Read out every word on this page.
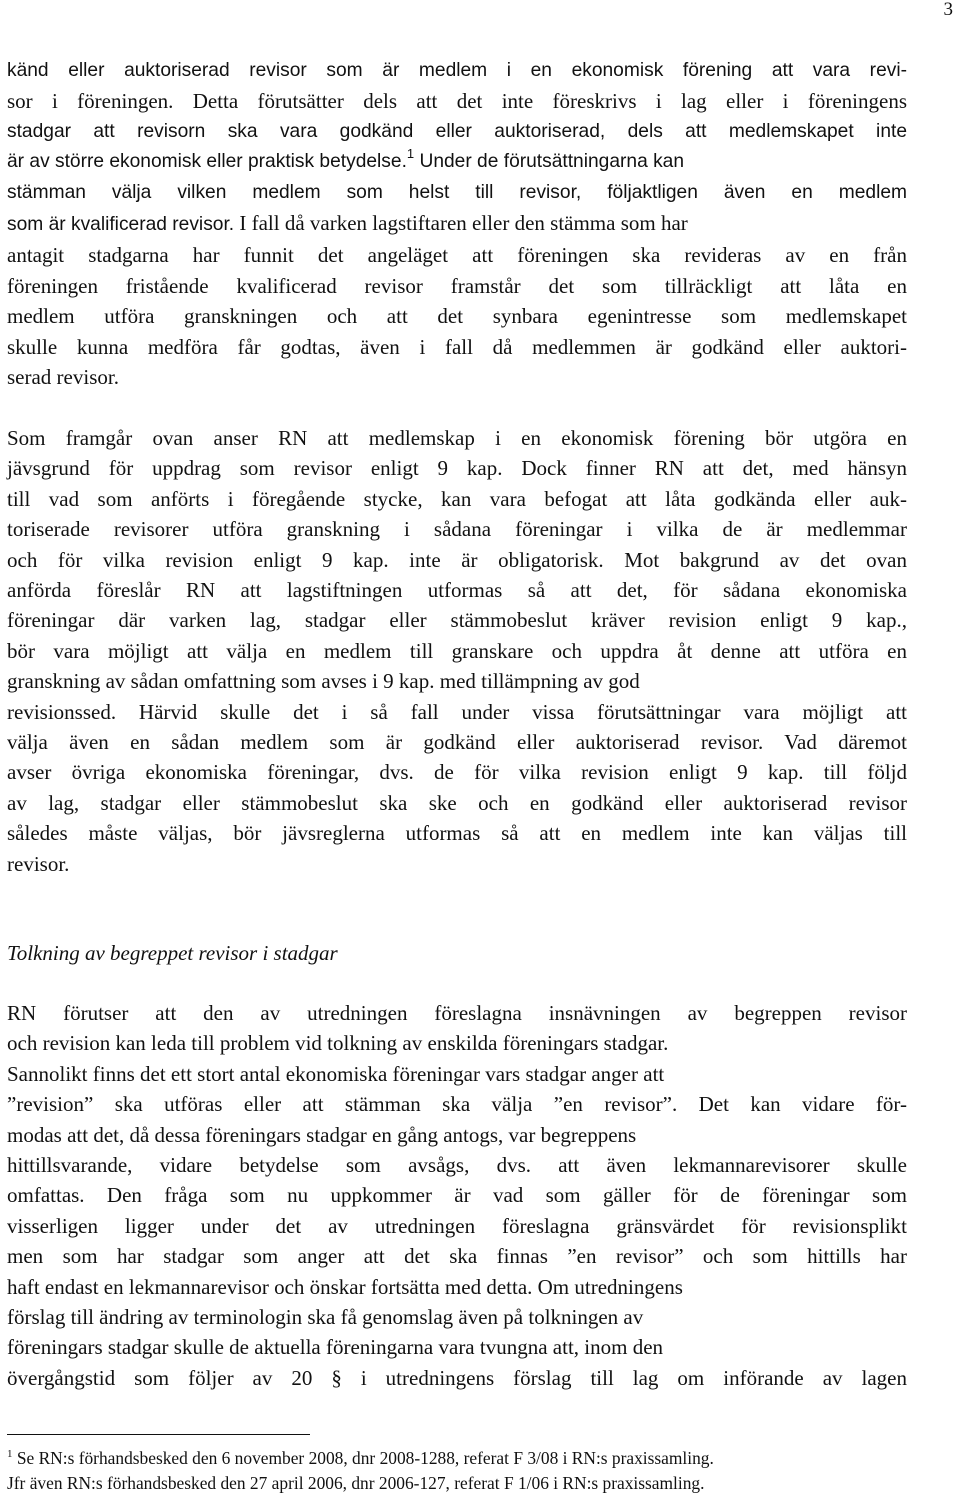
3
känd eller auktoriserad revisor som är medlem i en ekonomisk förening att vara revi-
sor i föreningen. Detta förutsätter dels att det inte föreskrivs i lag eller i föreningens
stadgar att revisorn ska vara godkänd eller auktoriserad, dels att medlemskapet inte
är av större ekonomisk eller praktisk betydelse.$^1$ Under de förutsättningarna kan
stämman välja vilken medlem som helst till revisor, följaktligen även en medlem
som är kvalificerad revisor. I fall då varken lagstiftaren eller den stämma som har
antagit stadgarna har funnit det angeläget att föreningen ska revideras av en från
föreningen fristående kvalificerad revisor framstår det som tillräckligt att låta en
medlem utföra granskningen och att det synbara egenintresse som medlemskapet
skulle kunna medföra får godtas, även i fall då medlemmen är godkänd eller auktori-
serad revisor.
Som framgår ovan anser RN att medlemskap i en ekonomisk förening bör utgöra en
jävsgrund för uppdrag som revisor enligt 9 kap. Dock finner RN att det, med hänsyn
till vad som anförts i föregående stycke, kan vara befogat att låta godkända eller auk-
toriserade revisorer utföra granskning i sådana föreningar i vilka de är medlemmar
och för vilka revision enligt 9 kap. inte är obligatorisk. Mot bakgrund av det ovan
anförda föreslår RN att lagstiftningen utformas så att det, för sådana ekonomiska
föreningar där varken lag, stadgar eller stämmobeslut kräver revision enligt 9 kap.,
bör vara möjligt att välja en medlem till granskare och uppdra åt denne att utföra en
granskning av sådan omfattning som avses i 9 kap. med tillämpning av god
revisionssed. Härvid skulle det i så fall under vissa förutsättningar vara möjligt att
välja även en sådan medlem som är godkänd eller auktoriserad revisor. Vad däremot
avser övriga ekonomiska föreningar, dvs. de för vilka revision enligt 9 kap. till följd
av lag, stadgar eller stämmobeslut ska ske och en godkänd eller auktoriserad revisor
således måste väljas, bör jävsreglerna utformas så att en medlem inte kan väljas till
revisor.
Tolkning av begreppet revisor i stadgar
RN förutser att den av utredningen föreslagna insnävningen av begreppen revisor
och revision kan leda till problem vid tolkning av enskilda föreningars stadgar.
Sannolikt finns det ett stort antal ekonomiska föreningar vars stadgar anger att
”revision” ska utföras eller att stämman ska välja ”en revisor”. Det kan vidare för-
modas att det, då dessa föreningars stadgar en gång antogs, var begreppens
hittillsvarande, vidare betydelse som avsågs, dvs. att även lekmannarevisorer skulle
omfattas. Den fråga som nu uppkommer är vad som gäller för de föreningar som
visserligen ligger under det av utredningen föreslagna gränsvärdet för revisionsplikt
men som har stadgar som anger att det ska finnas ”en revisor” och som hittills har
haft endast en lekmannarevisor och önskar fortsätta med detta. Om utredningens
förslag till ändring av terminologin ska få genomslag även på tolkningen av
föreningars stadgar skulle de aktuella föreningarna vara tvungna att, inom den
övergångstid som följer av 20 § i utredningens förslag till lag om införande av lagen
$^1$ Se RN:s förhandsbesked den 6 november 2008, dnr 2008-1288, referat F 3/08 i RN:s praxissamling.
Jfr även RN:s förhandsbesked den 27 april 2006, dnr 2006-127, referat F 1/06 i RN:s praxissamling.
